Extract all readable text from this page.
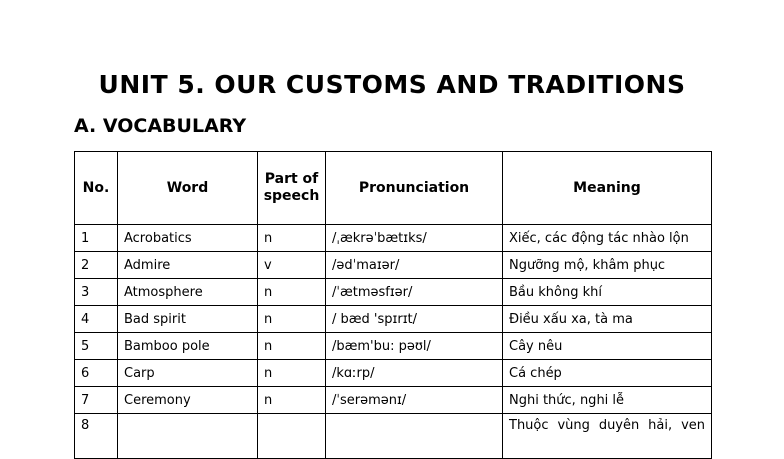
UNIT 5. OUR CUSTOMS AND TRADITIONS
A. VOCABULARY
No.	Word	Part of speech	Pronunciation	Meaning
1	Acrobatics	n	/ˌækrəˈbætɪks/	Xiếc, các động tác nhào lộn
2	Admire	v	/ədˈmaɪər/	Ngưỡng mộ, khâm phục
3	Atmosphere	n	/ˈætməsfɪər/	Bầu không khí
4	Bad spirit	n	/ bæd 'spɪrɪt/	Điều xấu xa, tà ma
5	Bamboo pole	n	/bæm'bu: pəʊl/	Cây nêu
6	Carp	n	/kɑːrp/	Cá chép
7	Ceremony	n	/ˈserəmənɪ/	Nghi thức, nghi lễ
8				Thuộc vùng duyên hải, ven
